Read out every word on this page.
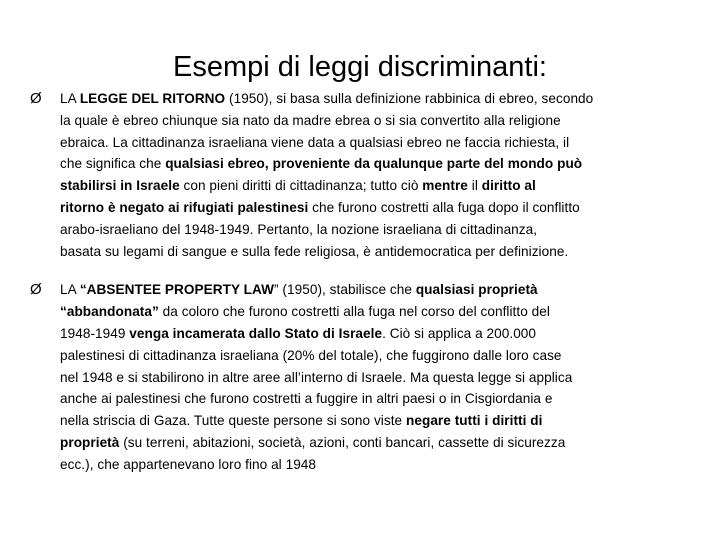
Esempi di leggi discriminanti:
Ø	LA LEGGE DEL RITORNO (1950), si basa sulla definizione rabbinica di ebreo, secondo
la quale è ebreo chiunque sia nato da madre ebrea o si sia convertito alla religione
ebraica. La cittadinanza israeliana viene data a qualsiasi ebreo ne faccia richiesta, il
che significa che qualsiasi ebreo, proveniente da qualunque parte del mondo può
stabilirsi in Israele con pieni diritti di cittadinanza; tutto ciò mentre il diritto al
ritorno è negato ai rifugiati palestinesi che furono costretti alla fuga dopo il conflitto
arabo-israeliano del 1948-1949. Pertanto, la nozione israeliana di cittadinanza,
basata su legami di sangue e sulla fede religiosa, è antidemocratica per definizione.
Ø	LA “ABSENTEE PROPERTY LAW” (1950), stabilisce che qualsiasi proprietà
“abbandonata” da coloro che furono costretti alla fuga nel corso del conflitto del
1948-1949 venga incamerata dallo Stato di Israele. Ciò si applica a 200.000
palestinesi di cittadinanza israeliana (20% del totale), che fuggirono dalle loro case
nel 1948 e si stabilirono in altre aree all’interno di Israele. Ma questa legge si applica
anche ai palestinesi che furono costretti a fuggire in altri paesi o in Cisgiordania e
nella striscia di Gaza. Tutte queste persone si sono viste negare tutti i diritti di
proprietà (su terreni, abitazioni, società, azioni, conti bancari, cassette di sicurezza
ecc.), che appartenevano loro fino al 1948
